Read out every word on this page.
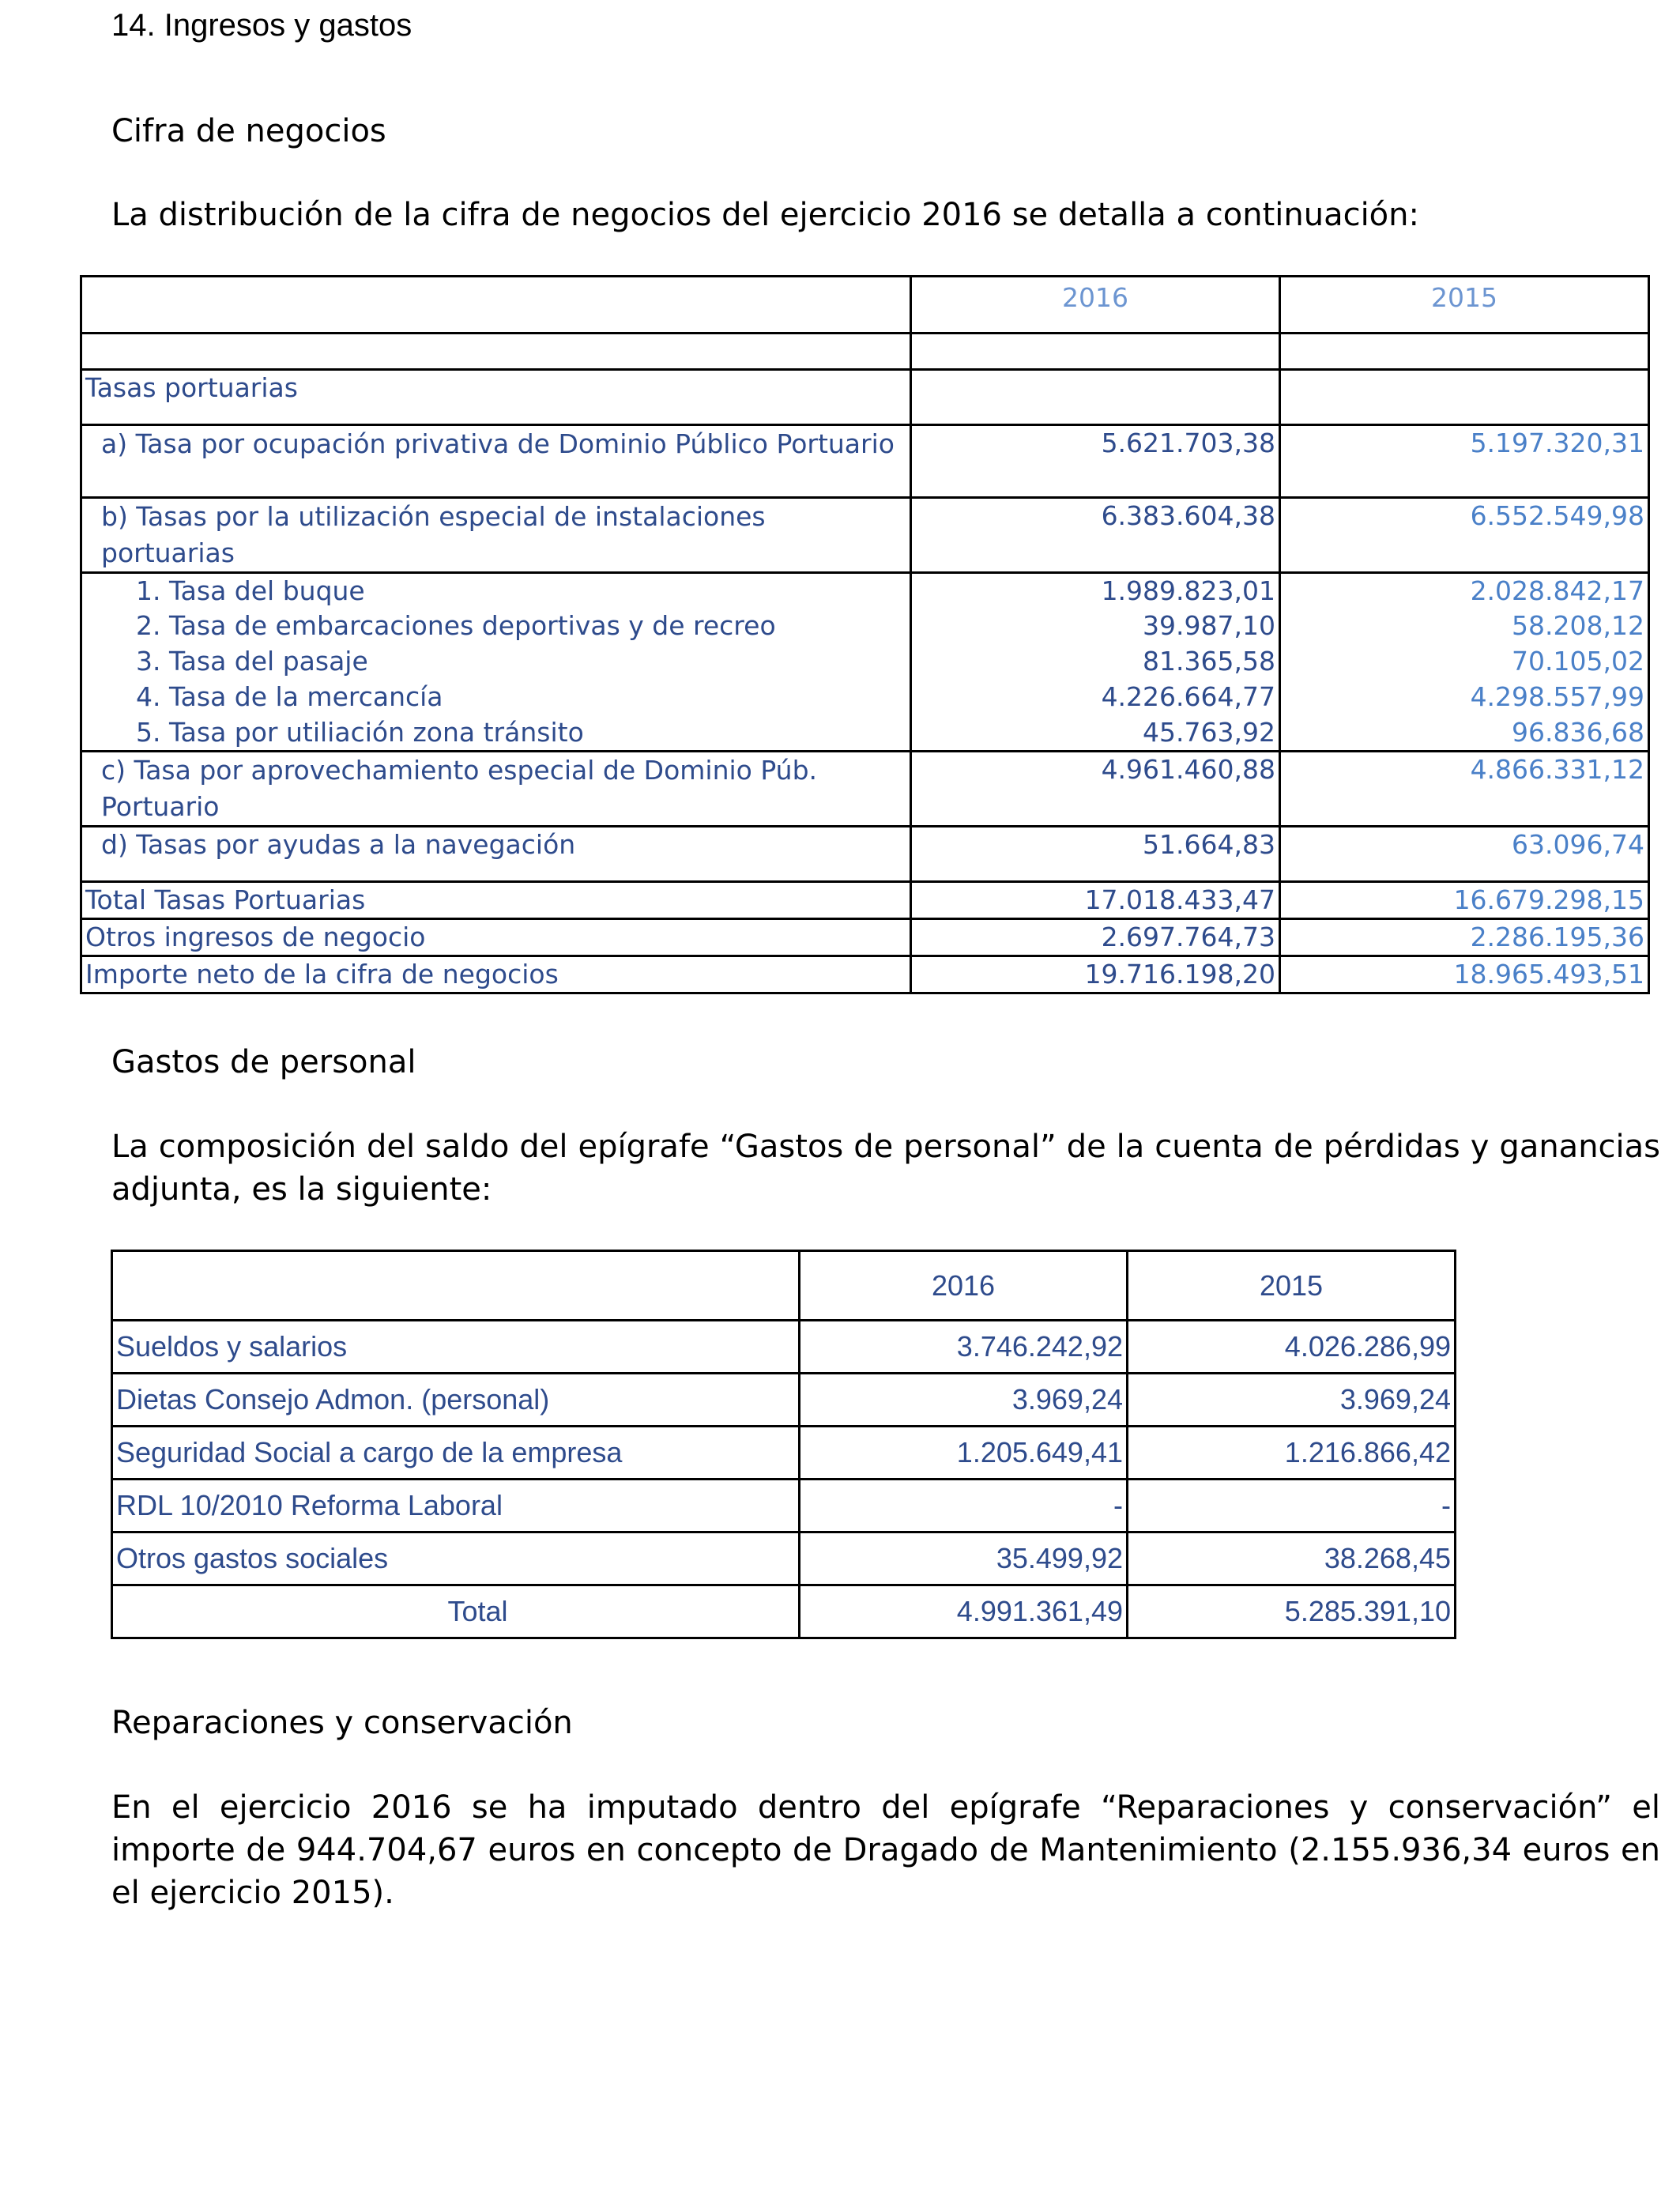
14. Ingresos y gastos
Cifra de negocios
La distribución de la cifra de negocios del ejercicio 2016 se detalla a continuación:
	2016	2015

Tasas portuarias		
a) Tasa por ocupación privativa de Dominio Público Portuario	5.621.703,38	5.197.320,31
b) Tasas por la utilización especial de instalaciones portuarias	6.383.604,38	6.552.549,98
1. Tasa del buque	1.989.823,01	2.028.842,17
2. Tasa de embarcaciones deportivas y de recreo	39.987,10	58.208,12
3. Tasa del pasaje	81.365,58	70.105,02
4. Tasa de la mercancía	4.226.664,77	4.298.557,99
5. Tasa por utiliación zona tránsito	45.763,92	96.836,68
c) Tasa por aprovechamiento especial de Dominio Púb. Portuario	4.961.460,88	4.866.331,12
d) Tasas por ayudas a la navegación	51.664,83	63.096,74
Total Tasas Portuarias	17.018.433,47	16.679.298,15
Otros ingresos de negocio	2.697.764,73	2.286.195,36
Importe neto de la cifra de negocios	19.716.198,20	18.965.493,51
Gastos de personal
La composición del saldo del epígrafe “Gastos de personal” de la cuenta de pérdidas y ganancias adjunta, es la siguiente:
	2016	2015
Sueldos y salarios	3.746.242,92	4.026.286,99
Dietas Consejo Admon. (personal)	3.969,24	3.969,24
Seguridad Social a cargo de la empresa	1.205.649,41	1.216.866,42
RDL 10/2010 Reforma Laboral	-	-
Otros gastos sociales	35.499,92	38.268,45
Total	4.991.361,49	5.285.391,10
Reparaciones y conservación
En el ejercicio 2016 se ha imputado dentro del epígrafe “Reparaciones y conservación” el importe de 944.704,67 euros en concepto de Dragado de Mantenimiento (2.155.936,34 euros en el ejercicio 2015).
